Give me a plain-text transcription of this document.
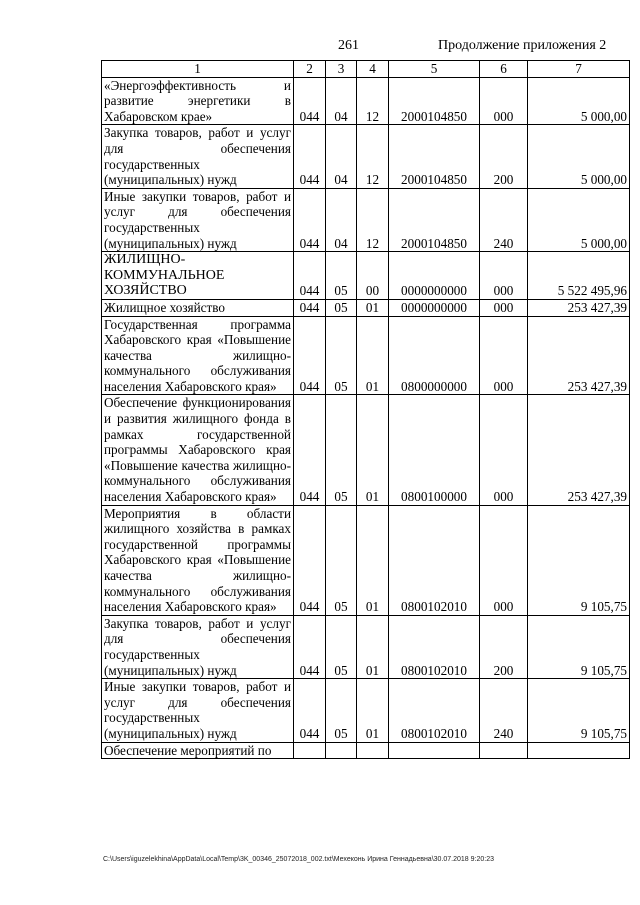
261	Продолжение приложения 2
1	2	3	4	5	6	7
«Энергоэффективность и развитие энергетики в Хабаровском крае»	044	04	12	2000104850	000	5 000,00
Закупка товаров, работ и услуг для обеспечения государственных (муниципальных) нужд	044	04	12	2000104850	200	5 000,00
Иные закупки товаров, работ и услуг для обеспечения государственных (муниципальных) нужд	044	04	12	2000104850	240	5 000,00
ЖИЛИЩНО-КОММУНАЛЬНОЕ ХОЗЯЙСТВО	044	05	00	0000000000	000	5 522 495,96
Жилищное хозяйство	044	05	01	0000000000	000	253 427,39
Государственная программа Хабаровского края «Повышение качества жилищно-коммунального обслуживания населения Хабаровского края»	044	05	01	0800000000	000	253 427,39
Обеспечение функционирования и развития жилищного фонда в рамках государственной программы Хабаровского края «Повышение качества жилищно-коммунального обслуживания населения Хабаровского края»	044	05	01	0800100000	000	253 427,39
Мероприятия в области жилищного хозяйства в рамках государственной программы Хабаровского края «Повышение качества жилищно-коммунального обслуживания населения Хабаровского края»	044	05	01	0800102010	000	9 105,75
Закупка товаров, работ и услуг для обеспечения государственных (муниципальных) нужд	044	05	01	0800102010	200	9 105,75
Иные закупки товаров, работ и услуг для обеспечения государственных (муниципальных) нужд	044	05	01	0800102010	240	9 105,75
Обеспечение мероприятий по						
C:\Users\iguzelekhina\AppData\Local\Temp\3K_00346_25072018_002.txt\Мехеконь Ирина Геннадьевна\30.07.2018 9:20:23
